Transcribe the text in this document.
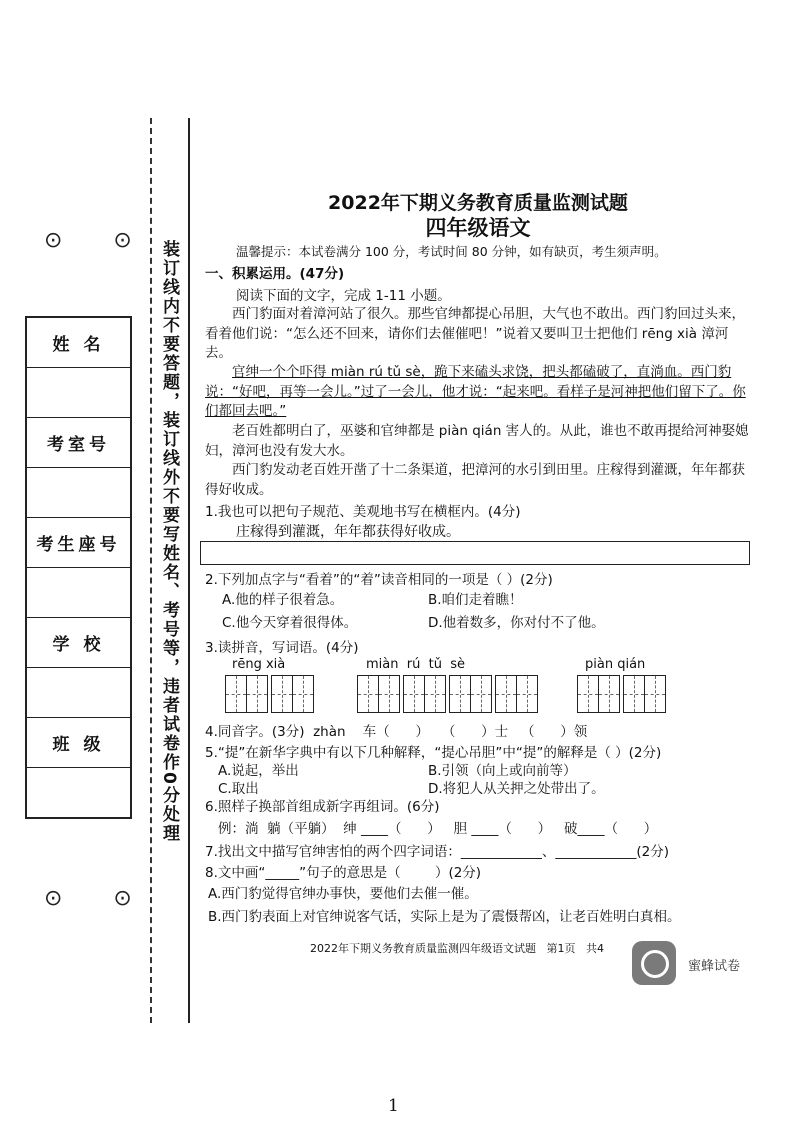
⊙ ⊙
⊙ ⊙
姓 名

考室号

考生座号

学 校

班 级	装订线内不要答题，装订线外不要写姓名、考号等，违者试卷作0分处理
2022年下期义务教育质量监测试题
四年级语文
温馨提示：本试卷满分 100 分，考试时间 80 分钟，如有缺页，考生须声明。
一、积累运用。(47分)
阅读下面的文字，完成 1-11 小题。
西门豹面对着漳河站了很久。那些官绅都提心吊胆，大气也不敢出。西门豹回过头来，看着他们说：“怎么还不回来，请你们去催催吧！”说着又要叫卫士把他们 rēng xià 漳河去。
官绅一个个吓得 miàn rú tǔ sè，跪下来磕头求饶，把头都磕破了，直淌血。西门豹说：“好吧，再等一会儿。”过了一会儿，他才说：“起来吧。看样子是河神把他们留下了。你们都回去吧。”
老百姓都明白了，巫婆和官绅都是 piàn qián 害人的。从此，谁也不敢再提给河神娶媳妇，漳河也没有发大水。
西门豹发动老百姓开凿了十二条渠道，把漳河的水引到田里。庄稼得到灌溉，年年都获得好收成。
1.我也可以把句子规范、美观地书写在横框内。(4分)
庄稼得到灌溉，年年都获得好收成。
2.下列加点字与“看着”的“着”读音相同的一项是（ ）(2分)
A.他的样子很着急。	B.咱们走着瞧！
C.他今天穿着很得体。	D.他着数多，你对付不了他。
3.读拼音，写词语。(4分)
rēng xià	miàn  rú  tǔ  sè	piàn qián
4.同音字。(3分)  zhàn    车（      ）   （      ）士   （      ）领
5.“提”在新华字典中有以下几种解释，“提心吊胆”中“提”的解释是（ ）(2分)
A.说起，举出	B.引领（向上或向前等）
C.取出	D.将犯人从关押之处带出了。
6.照样子换部首组成新字再组词。(6分)
例：淌  躺（平躺）  绅 ____（      ）   胆 ____（      ）   破____（      ）
7.找出文中描写官绅害怕的两个四字词语：____________、____________(2分)
8.文中画“_____”句子的意思是（        ）(2分)
A.西门豹觉得官绅办事快，要他们去催一催。
B.西门豹表面上对官绅说客气话，实际上是为了震慑帮凶，让老百姓明白真相。
2022年下期义务教育质量监测四年级语文试题   第1页   共4
蜜蜂试卷
1
